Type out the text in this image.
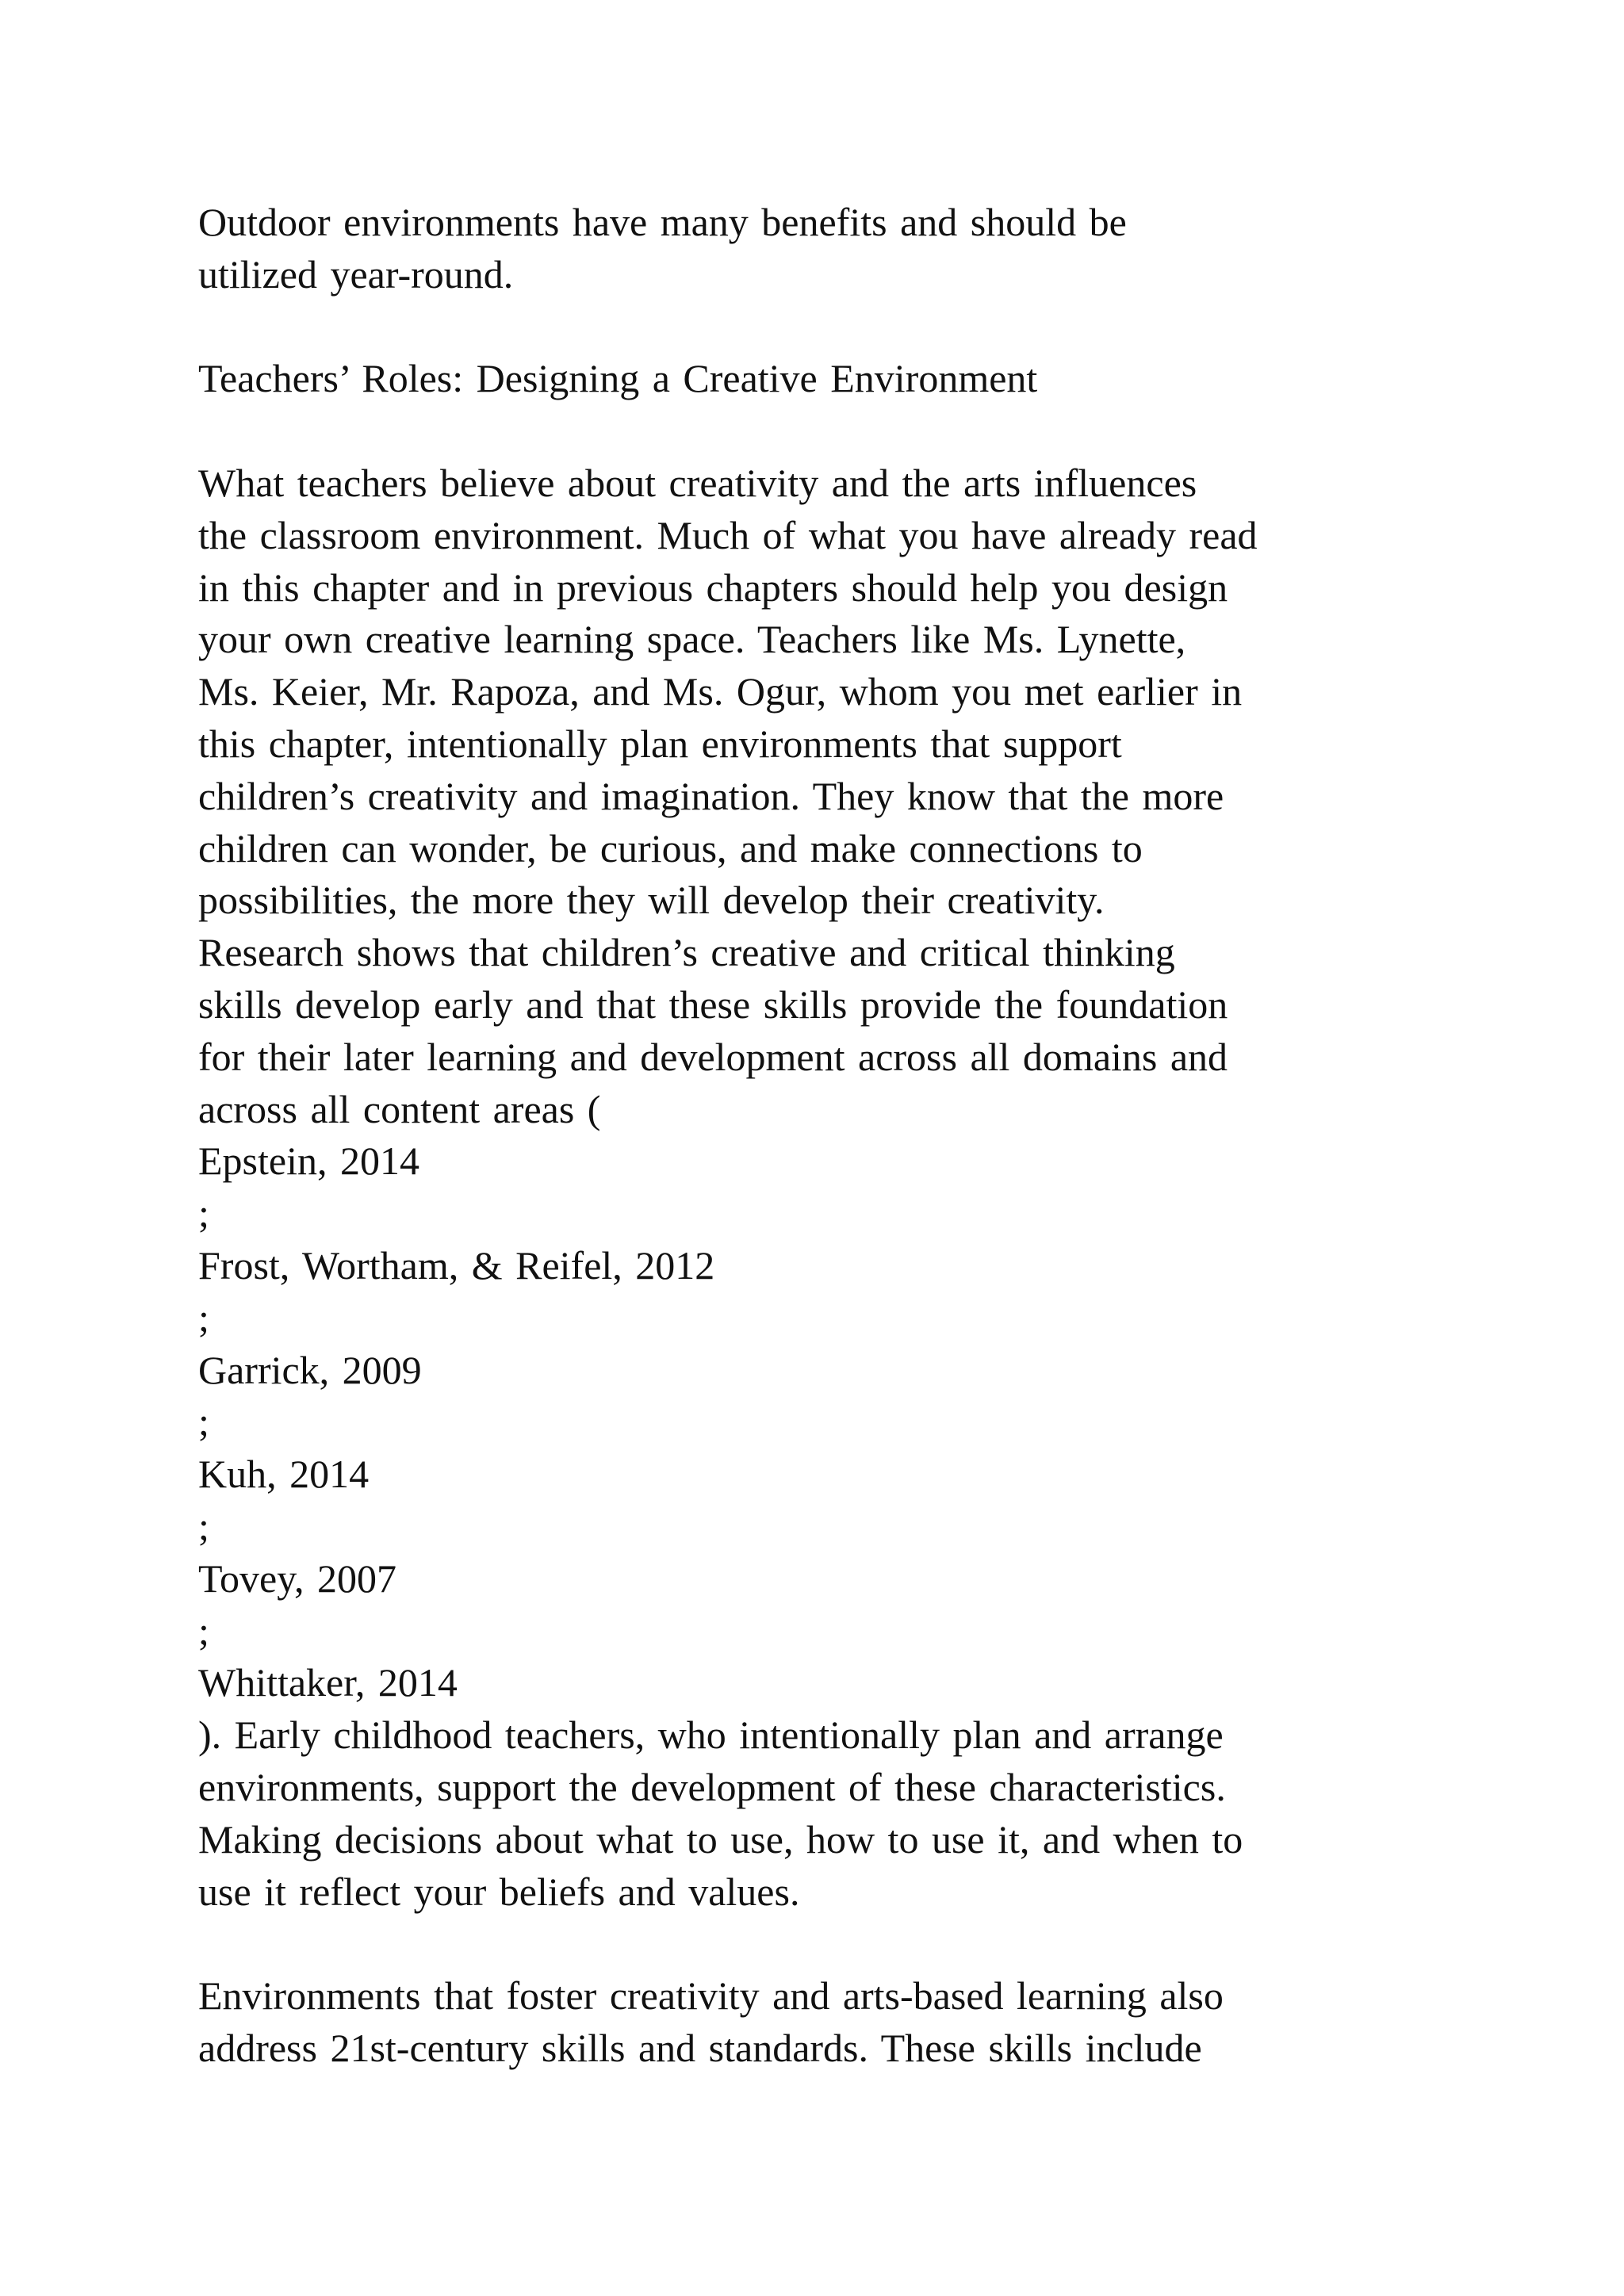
Outdoor environments have many benefits and should be
utilized year-round.
Teachers’ Roles: Designing a Creative Environment
What teachers believe about creativity and the arts influences
the classroom environment. Much of what you have already read
in this chapter and in previous chapters should help you design
your own creative learning space. Teachers like Ms. Lynette,
Ms. Keier, Mr. Rapoza, and Ms. Ogur, whom you met earlier in
this chapter, intentionally plan environments that support
children’s creativity and imagination. They know that the more
children can wonder, be curious, and make connections to
possibilities, the more they will develop their creativity.
Research shows that children’s creative and critical thinking
skills develop early and that these skills provide the foundation
for their later learning and development across all domains and
across all content areas (
Epstein, 2014
;
Frost, Wortham, & Reifel, 2012
;
Garrick, 2009
;
Kuh, 2014
;
Tovey, 2007
;
Whittaker, 2014
). Early childhood teachers, who intentionally plan and arrange
environments, support the development of these characteristics.
Making decisions about what to use, how to use it, and when to
use it reflect your beliefs and values.
Environments that foster creativity and arts-based learning also
address 21st-century skills and standards. These skills include
